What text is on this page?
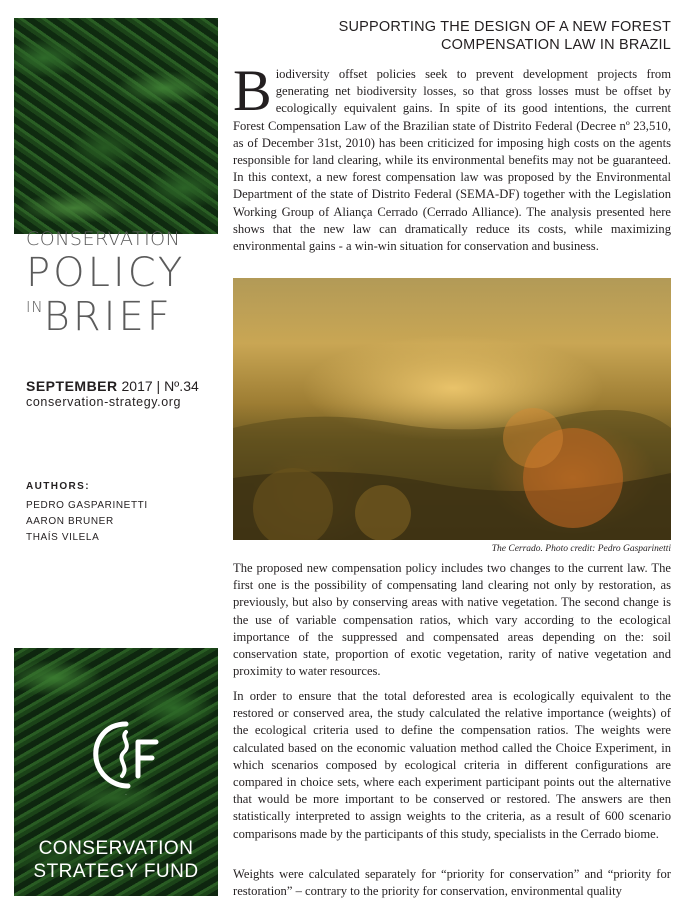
CONSERVATION
POLICY
INBRIEF
SEPTEMBER 2017 | Nº.34
conservation-strategy.org
AUTHORS:
PEDRO GASPARINETTI
AARON BRUNER
THAÍS VILELA
CSF
CONSERVATION
STRATEGY FUND
SUPPORTING THE DESIGN OF A NEW FOREST
COMPENSATION LAW IN BRAZIL

Biodiversity offset policies seek to prevent development projects from generating net biodiversity losses, so that gross losses must be offset by ecologically equivalent gains. In spite of its good intentions, the current Forest Compensation Law of the Brazilian state of Distrito Federal (Decree nº 23,510, as of December 31st, 2010) has been criticized for imposing high costs on the agents responsible for land clearing, while its environmental benefits may not be guaranteed. In this context, a new forest compensation law was proposed by the Environmental Department of the state of Distrito Federal (SEMA-DF) together with the Legislation Working Group of Aliança Cerrado (Cerrado Alliance). The analysis presented here shows that the new law can dramatically reduce its costs, while maximizing environmental gains - a win-win situation for conservation and business.

The Cerrado. Photo credit: Pedro Gasparinetti

The proposed new compensation policy includes two changes to the current law. The first one is the possibility of compensating land clearing not only by restoration, as previously, but also by conserving areas with native vegetation. The second change is the use of variable compensation ratios, which vary according to the ecological importance of the suppressed and compensated areas depending on the: soil conservation state, proportion of exotic vegetation, rarity of native vegetation and proximity to water resources.

In order to ensure that the total deforested area is ecologically equivalent to the restored or conserved area, the study calculated the relative importance (weights) of the ecological criteria used to define the compensation ratios. The weights were calculated based on the economic valuation method called the Choice Experiment, in which scenarios composed by ecological criteria in different configurations are compared in choice sets, where each experiment participant points out the alternative that would be more important to be conserved or restored. The answers are then statistically interpreted to assign weights to the criteria, as a result of 600 scenario comparisons made by the participants of this study, specialists in the Cerrado biome.

Weights were calculated separately for “priority for conservation” and “priority for restoration” – contrary to the priority for conservation, environmental quality
